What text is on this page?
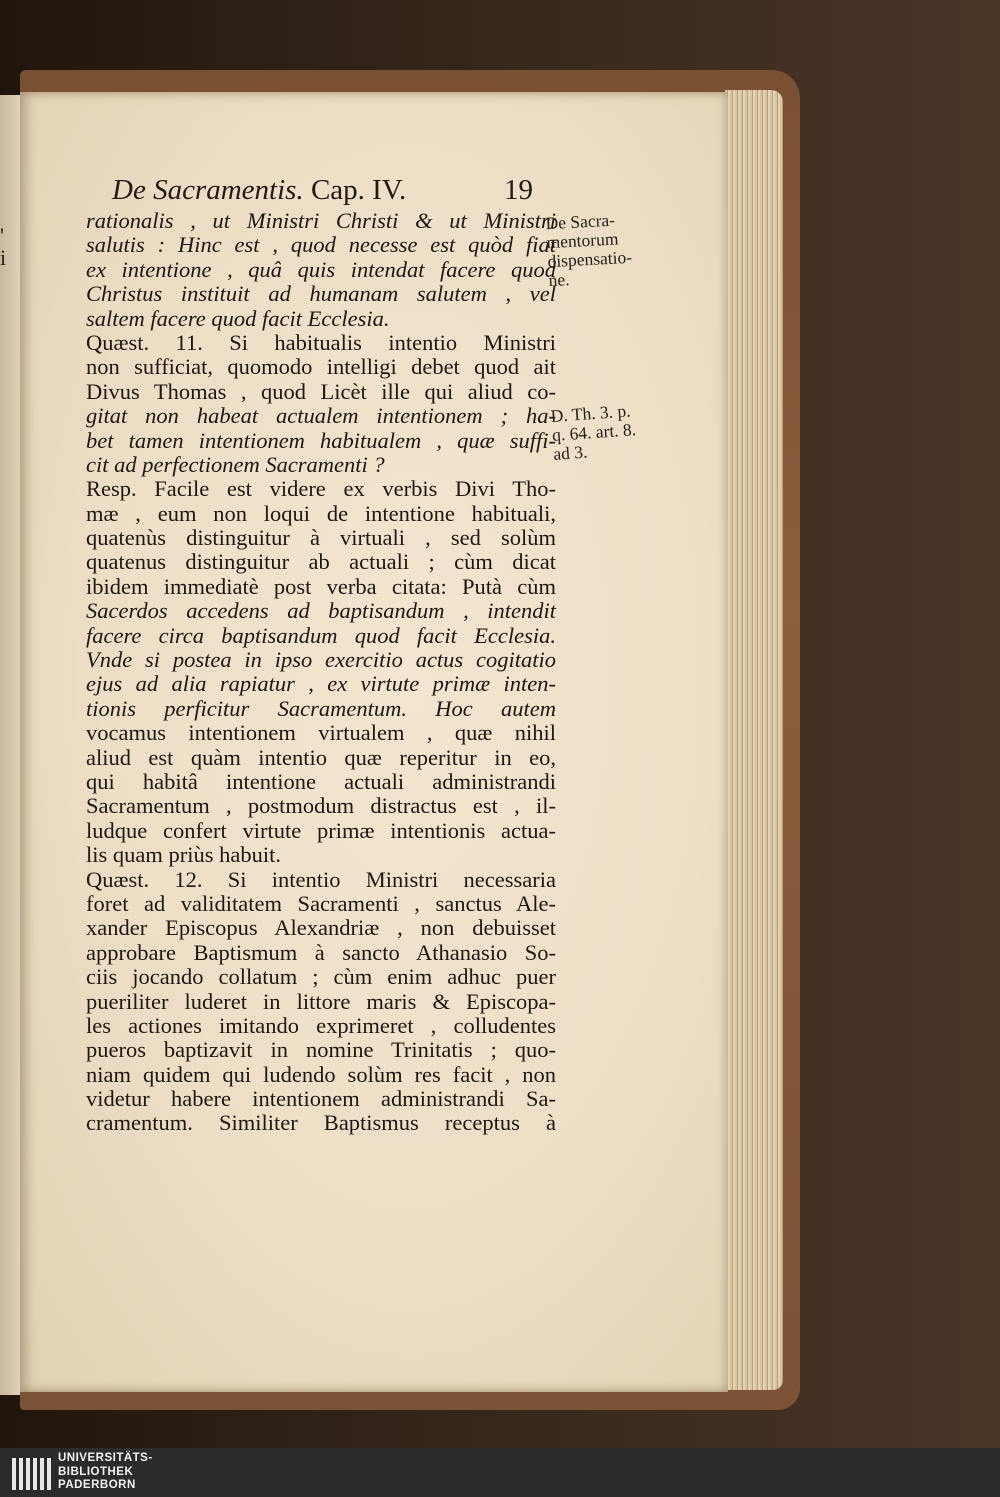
'
i
De Sacramentis. Cap. IV.	19
rationalis , ut Ministri Christi & ut Ministri
salutis : Hinc est , quod necesse est quòd fiat
ex intentione , quâ quis intendat facere quod
Christus instituit ad humanam salutem , vel
saltem facere quod facit Ecclesia.
Quæst. 11. Si habitualis intentio Ministri
non sufficiat, quomodo intelligi debet quod ait
Divus Thomas , quod Licèt ille qui aliud co-
gitat non habeat actualem intentionem ; ha-
bet tamen intentionem habitualem , quæ suffi-
cit ad perfectionem Sacramenti ?
Resp. Facile est videre ex verbis Divi Tho-
mæ , eum non loqui de intentione habituali,
quatenùs distinguitur à virtuali , sed solùm
quatenus distinguitur ab actuali ; cùm dicat
ibidem immediatè post verba citata: Putà cùm
Sacerdos accedens ad baptisandum , intendit
facere circa baptisandum quod facit Ecclesia.
Vnde si postea in ipso exercitio actus cogitatio
ejus ad alia rapiatur , ex virtute primæ inten-
tionis perficitur Sacramentum. Hoc autem
vocamus intentionem virtualem , quæ nihil
aliud est quàm intentio quæ reperitur in eo,
qui habitâ intentione actuali administrandi
Sacramentum , postmodum distractus est , il-
ludque confert virtute primæ intentionis actua-
lis quam priùs habuit.
Quæst. 12. Si intentio Ministri necessaria
foret ad validitatem Sacramenti , sanctus Ale-
xander Episcopus Alexandriæ , non debuisset
approbare Baptismum à sancto Athanasio So-
ciis jocando collatum ; cùm enim adhuc puer
pueriliter luderet in littore maris & Episcopa-
les actiones imitando exprimeret , colludentes
pueros baptizavit in nomine Trinitatis ; quo-
niam quidem qui ludendo solùm res facit , non
videtur habere intentionem administrandi Sa-
cramentum. Similiter Baptismus receptus à
De Sacra-
mentorum
dispensatio-
ne.
D. Th. 3. p.
q. 64. art. 8.
ad 3.
UNIVERSITÄTS-
BIBLIOTHEK
PADERBORN
